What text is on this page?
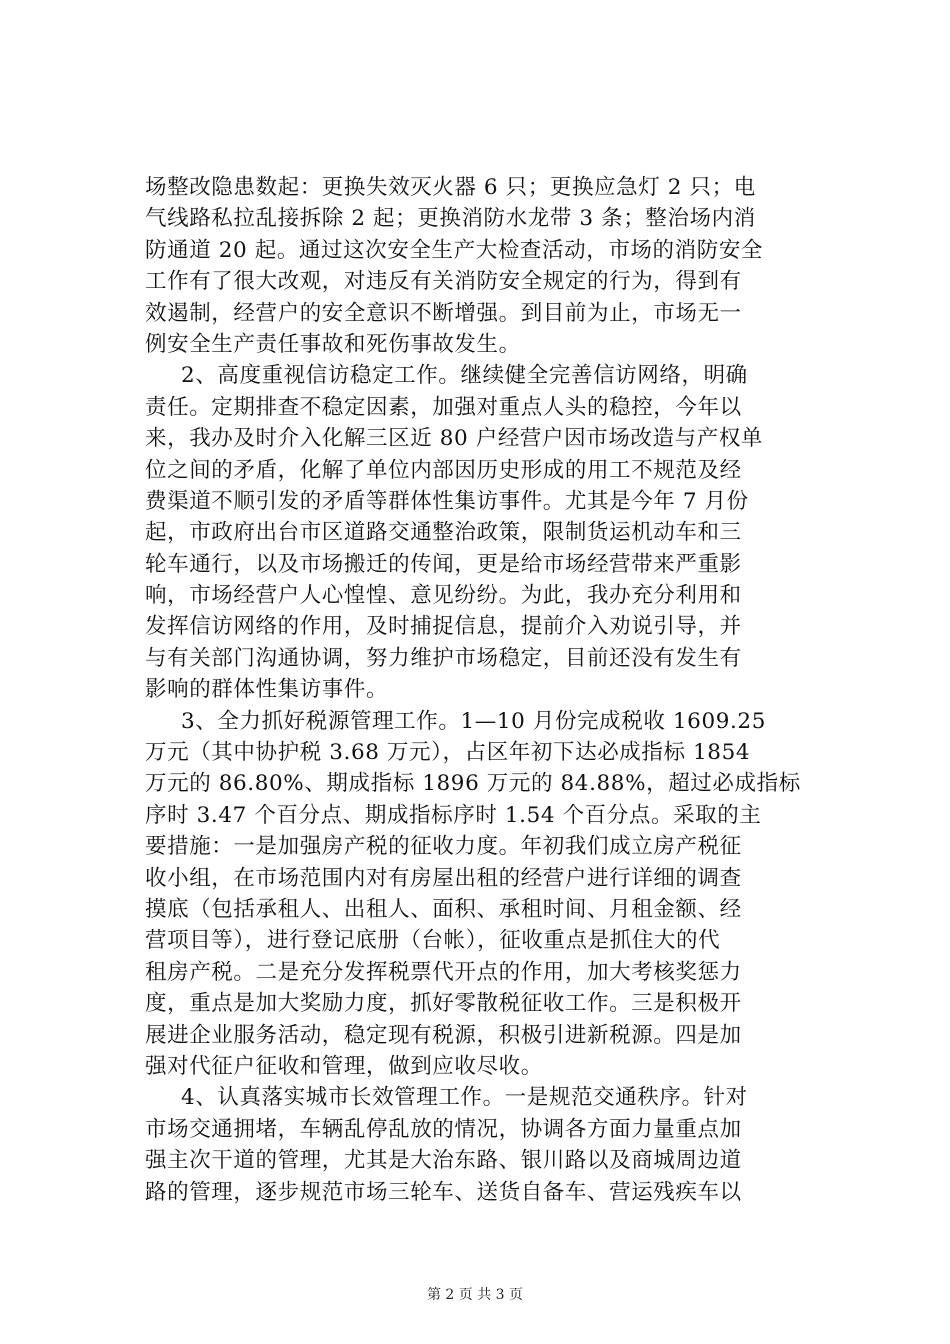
场整改隐患数起：更换失效灭火器 6 只；更换应急灯 2 只；电
气线路私拉乱接拆除 2 起；更换消防水龙带 3 条；整治场内消
防通道 20 起。通过这次安全生产大检查活动，市场的消防安全
工作有了很大改观，对违反有关消防安全规定的行为，得到有
效遏制，经营户的安全意识不断增强。到目前为止，市场无一
例安全生产责任事故和死伤事故发生。
2、高度重视信访稳定工作。继续健全完善信访网络，明确
责任。定期排查不稳定因素，加强对重点人头的稳控，今年以
来，我办及时介入化解三区近 80 户经营户因市场改造与产权单
位之间的矛盾，化解了单位内部因历史形成的用工不规范及经
费渠道不顺引发的矛盾等群体性集访事件。尤其是今年 7 月份
起，市政府出台市区道路交通整治政策，限制货运机动车和三
轮车通行，以及市场搬迁的传闻，更是给市场经营带来严重影
响，市场经营户人心惶惶、意见纷纷。为此，我办充分利用和
发挥信访网络的作用，及时捕捉信息，提前介入劝说引导，并
与有关部门沟通协调，努力维护市场稳定，目前还没有发生有
影响的群体性集访事件。
3、全力抓好税源管理工作。1—10 月份完成税收 1609.25
万元（其中协护税 3.68 万元），占区年初下达必成指标 1854
万元的 86.80%、期成指标 1896 万元的 84.88%，超过必成指标
序时 3.47 个百分点、期成指标序时 1.54 个百分点。采取的主
要措施：一是加强房产税的征收力度。年初我们成立房产税征
收小组，在市场范围内对有房屋出租的经营户进行详细的调查
摸底（包括承租人、出租人、面积、承租时间、月租金额、经
营项目等），进行登记底册（台帐），征收重点是抓住大的代
租房产税。二是充分发挥税票代开点的作用，加大考核奖惩力
度，重点是加大奖励力度，抓好零散税征收工作。三是积极开
展进企业服务活动，稳定现有税源，积极引进新税源。四是加
强对代征户征收和管理，做到应收尽收。
4、认真落实城市长效管理工作。一是规范交通秩序。针对
市场交通拥堵，车辆乱停乱放的情况，协调各方面力量重点加
强主次干道的管理，尤其是大治东路、银川路以及商城周边道
路的管理，逐步规范市场三轮车、送货自备车、营运残疾车以
第 2 页 共 3 页
